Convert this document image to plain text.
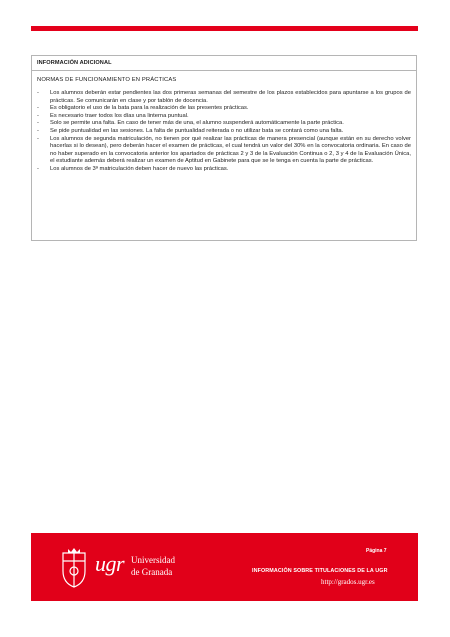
INFORMACIÓN ADICIONAL

NORMAS DE FUNCIONAMIENTO EN PRÁCTICAS

- Los alumnos deberán estar pendientes las dos primeras semanas del semestre de los plazos establecidos para apuntarse a los grupos de prácticas. Se comunicarán en clase y por tablón de docencia.
- Es obligatorio el uso de la bata para la realización de las presentes prácticas.
- Es necesario traer todos los días una linterna puntual.
- Solo se permite una falta. En caso de tener más de una, el alumno suspenderá automáticamente la parte práctica.
- Se pide puntualidad en las sesiones. La falta de puntualidad reiterada o no utilizar bata se contará como una falta.
- Los alumnos de segunda matriculación, no tienen por qué realizar las prácticas de manera presencial (aunque están en su derecho volver hacerlas si lo desean), pero deberán hacer el examen de prácticas, el cual tendrá un valor del 30% en la convocatoria ordinaria. En caso de no haber superado en la convocatoria anterior los apartados de prácticas 2 y 3 de la Evaluación Continua o 2, 3 y 4 de la Evaluación Única, el estudiante además deberá realizar un examen de Aptitud en Gabinete para que se le tenga en cuenta la parte de prácticas.
- Los alumnos de 3ª matriculación deben hacer de nuevo las prácticas.
ugr Universidad
de Granada
Página 7
INFORMACIÓN SOBRE TITULACIONES DE LA UGR
http://grados.ugr.es
